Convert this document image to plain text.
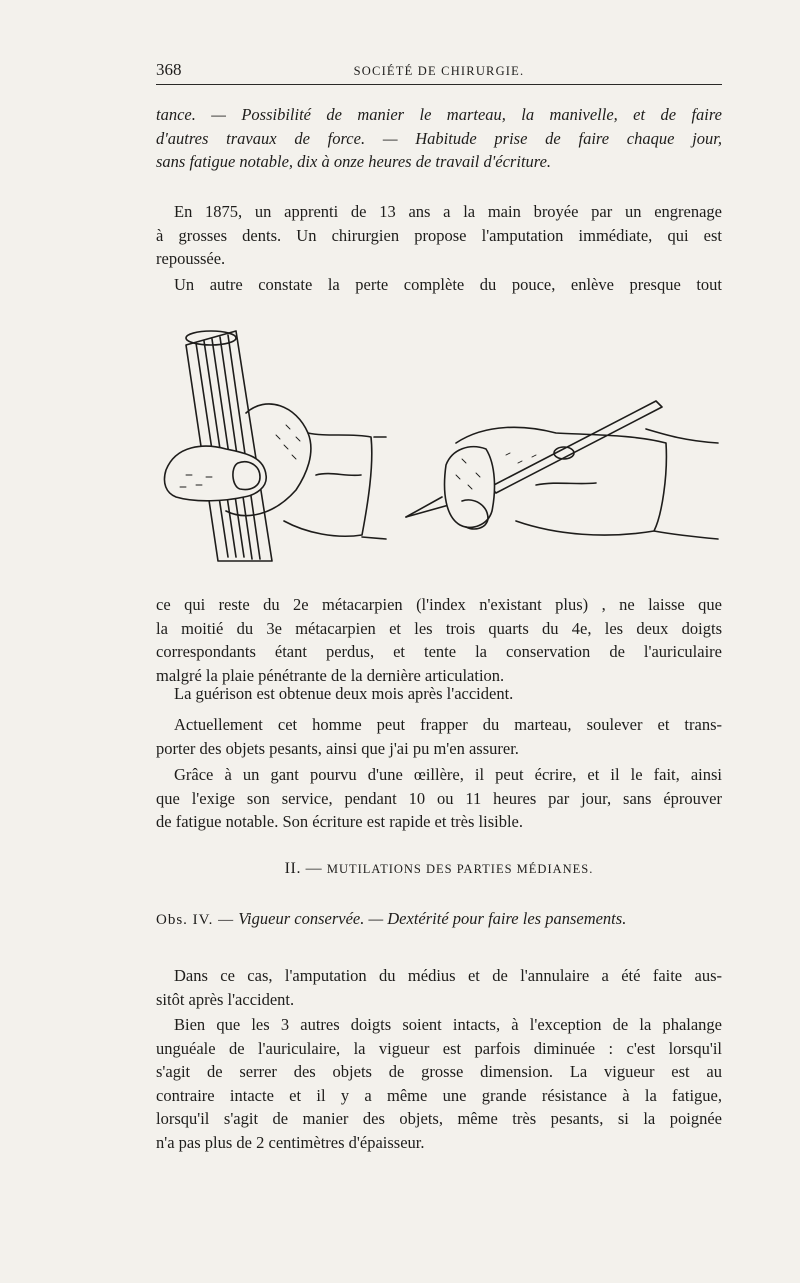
368	SOCIÉTÉ DE CHIRURGIE.
tance. — Possibilité de manier le marteau, la manivelle, et de faire
d'autres travaux de force. — Habitude prise de faire chaque jour,
sans fatigue notable, dix à onze heures de travail d'écriture.
En 1875, un apprenti de 13 ans a la main broyée par un engrenage
à grosses dents. Un chirurgien propose l'amputation immédiate, qui est
repoussée.
Un autre constate la perte complète du pouce, enlève presque tout
ce qui reste du 2e métacarpien (l'index n'existant plus) , ne laisse que
la moitié du 3e métacarpien et les trois quarts du 4e, les deux doigts
correspondants étant perdus, et tente la conservation de l'auriculaire
malgré la plaie pénétrante de la dernière articulation.
La guérison est obtenue deux mois après l'accident.
Actuellement cet homme peut frapper du marteau, soulever et trans-
porter des objets pesants, ainsi que j'ai pu m'en assurer.
Grâce à un gant pourvu d'une œillère, il peut écrire, et il le fait, ainsi
que l'exige son service, pendant 10 ou 11 heures par jour, sans éprouver
de fatigue notable. Son écriture est rapide et très lisible.
II. — MUTILATIONS DES PARTIES MÉDIANES.
Obs. IV. — Vigueur conservée. — Dextérité pour faire les pansements.
Dans ce cas, l'amputation du médius et de l'annulaire a été faite aus-
sitôt après l'accident.
Bien que les 3 autres doigts soient intacts, à l'exception de la phalange
unguéale de l'auriculaire, la vigueur est parfois diminuée : c'est lorsqu'il
s'agit de serrer des objets de grosse dimension. La vigueur est au
contraire intacte et il y a même une grande résistance à la fatigue,
lorsqu'il s'agit de manier des objets, même très pesants, si la poignée
n'a pas plus de 2 centimètres d'épaisseur.
